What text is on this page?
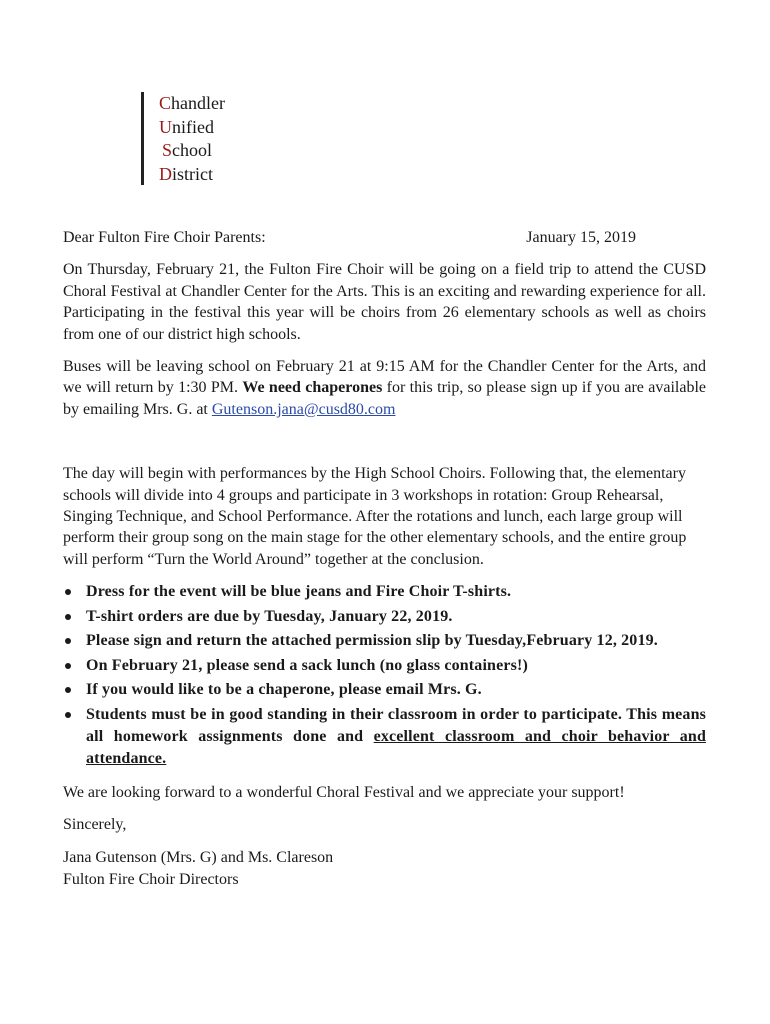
Chandler
Unified
School
District
Dear Fulton Fire Choir Parents:	January 15, 2019

On Thursday, February 21, the Fulton Fire Choir will be going on a field trip to attend the CUSD Choral Festival at Chandler Center for the Arts. This is an exciting and rewarding experience for all. Participating in the festival this year will be choirs from 26 elementary schools as well as choirs from one of our district high schools.

Buses will be leaving school on February 21 at 9:15 AM for the Chandler Center for the Arts, and we will return by 1:30 PM. We need chaperones for this trip, so please sign up if you are available by emailing Mrs. G. at Gutenson.jana@cusd80.com

The day will begin with performances by the High School Choirs. Following that, the elementary schools will divide into 4 groups and participate in 3 workshops in rotation: Group Rehearsal, Singing Technique, and School Performance. After the rotations and lunch, each large group will perform their group song on the main stage for the other elementary schools, and the entire group will perform “Turn the World Around” together at the conclusion.

Dress for the event will be blue jeans and Fire Choir T-shirts.
T-shirt orders are due by Tuesday, January 22, 2019.
Please sign and return the attached permission slip by Tuesday,February 12, 2019.
On February 21, please send a sack lunch (no glass containers!)
If you would like to be a chaperone, please email Mrs. G.
Students must be in good standing in their classroom in order to participate. This means all homework assignments done and excellent classroom and choir behavior and attendance.

We are looking forward to a wonderful Choral Festival and we appreciate your support!

Sincerely,

Jana Gutenson (Mrs. G) and Ms. Clareson
Fulton Fire Choir Directors
